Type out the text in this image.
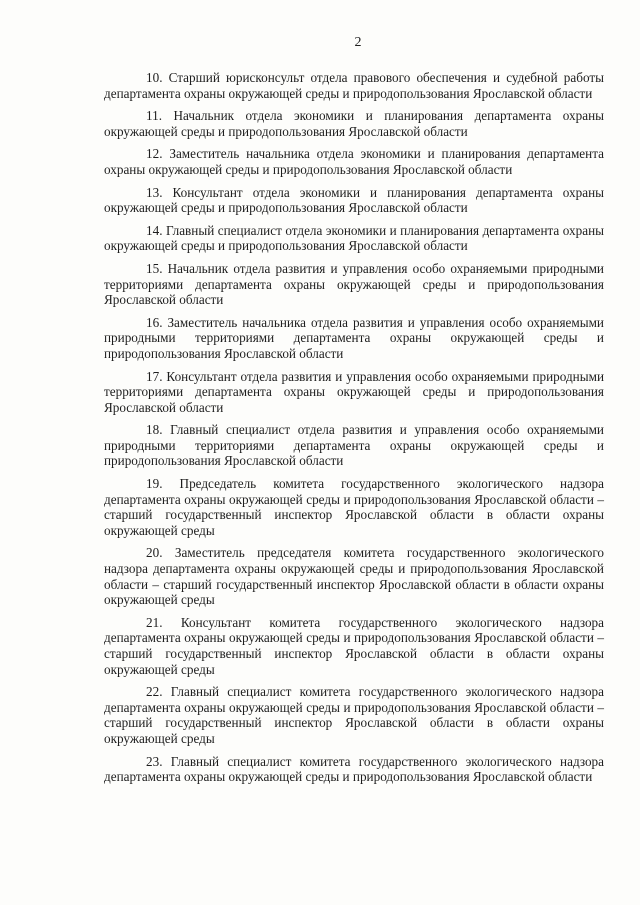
2

10. Старший юрисконсульт отдела правового обеспечения и судебной работы департамента охраны окружающей среды и природопользования Ярославской области

11. Начальник отдела экономики и планирования департамента охраны окружающей среды и природопользования Ярославской области

12. Заместитель начальника отдела экономики и планирования департамента охраны окружающей среды и природопользования Ярославской области

13. Консультант отдела экономики и планирования департамента охраны окружающей среды и природопользования Ярославской области

14. Главный специалист отдела экономики и планирования департамента охраны окружающей среды и природопользования Ярославской области

15. Начальник отдела развития и управления особо охраняемыми природными территориями департамента охраны окружающей среды и природопользования Ярославской области

16. Заместитель начальника отдела развития и управления особо охраняемыми природными территориями департамента охраны окружающей среды и природопользования Ярославской области

17. Консультант отдела развития и управления особо охраняемыми природными территориями департамента охраны окружающей среды и природопользования Ярославской области

18. Главный специалист отдела развития и управления особо охраняемыми природными территориями департамента охраны окружающей среды и природопользования Ярославской области

19. Председатель комитета государственного экологического надзора департамента охраны окружающей среды и природопользования Ярославской области – старший государственный инспектор Ярославской области в области охраны окружающей среды

20. Заместитель председателя комитета государственного экологического надзора департамента охраны окружающей среды и природопользования Ярославской области – старший государственный инспектор Ярославской области в области охраны окружающей среды

21. Консультант комитета государственного экологического надзора департамента охраны окружающей среды и природопользования Ярославской области – старший государственный инспектор Ярославской области в области охраны окружающей среды

22. Главный специалист комитета государственного экологического надзора департамента охраны окружающей среды и природопользования Ярославской области – старший государственный инспектор Ярославской области в области охраны окружающей среды

23. Главный специалист комитета государственного экологического надзора департамента охраны окружающей среды и природопользования Ярославской области
